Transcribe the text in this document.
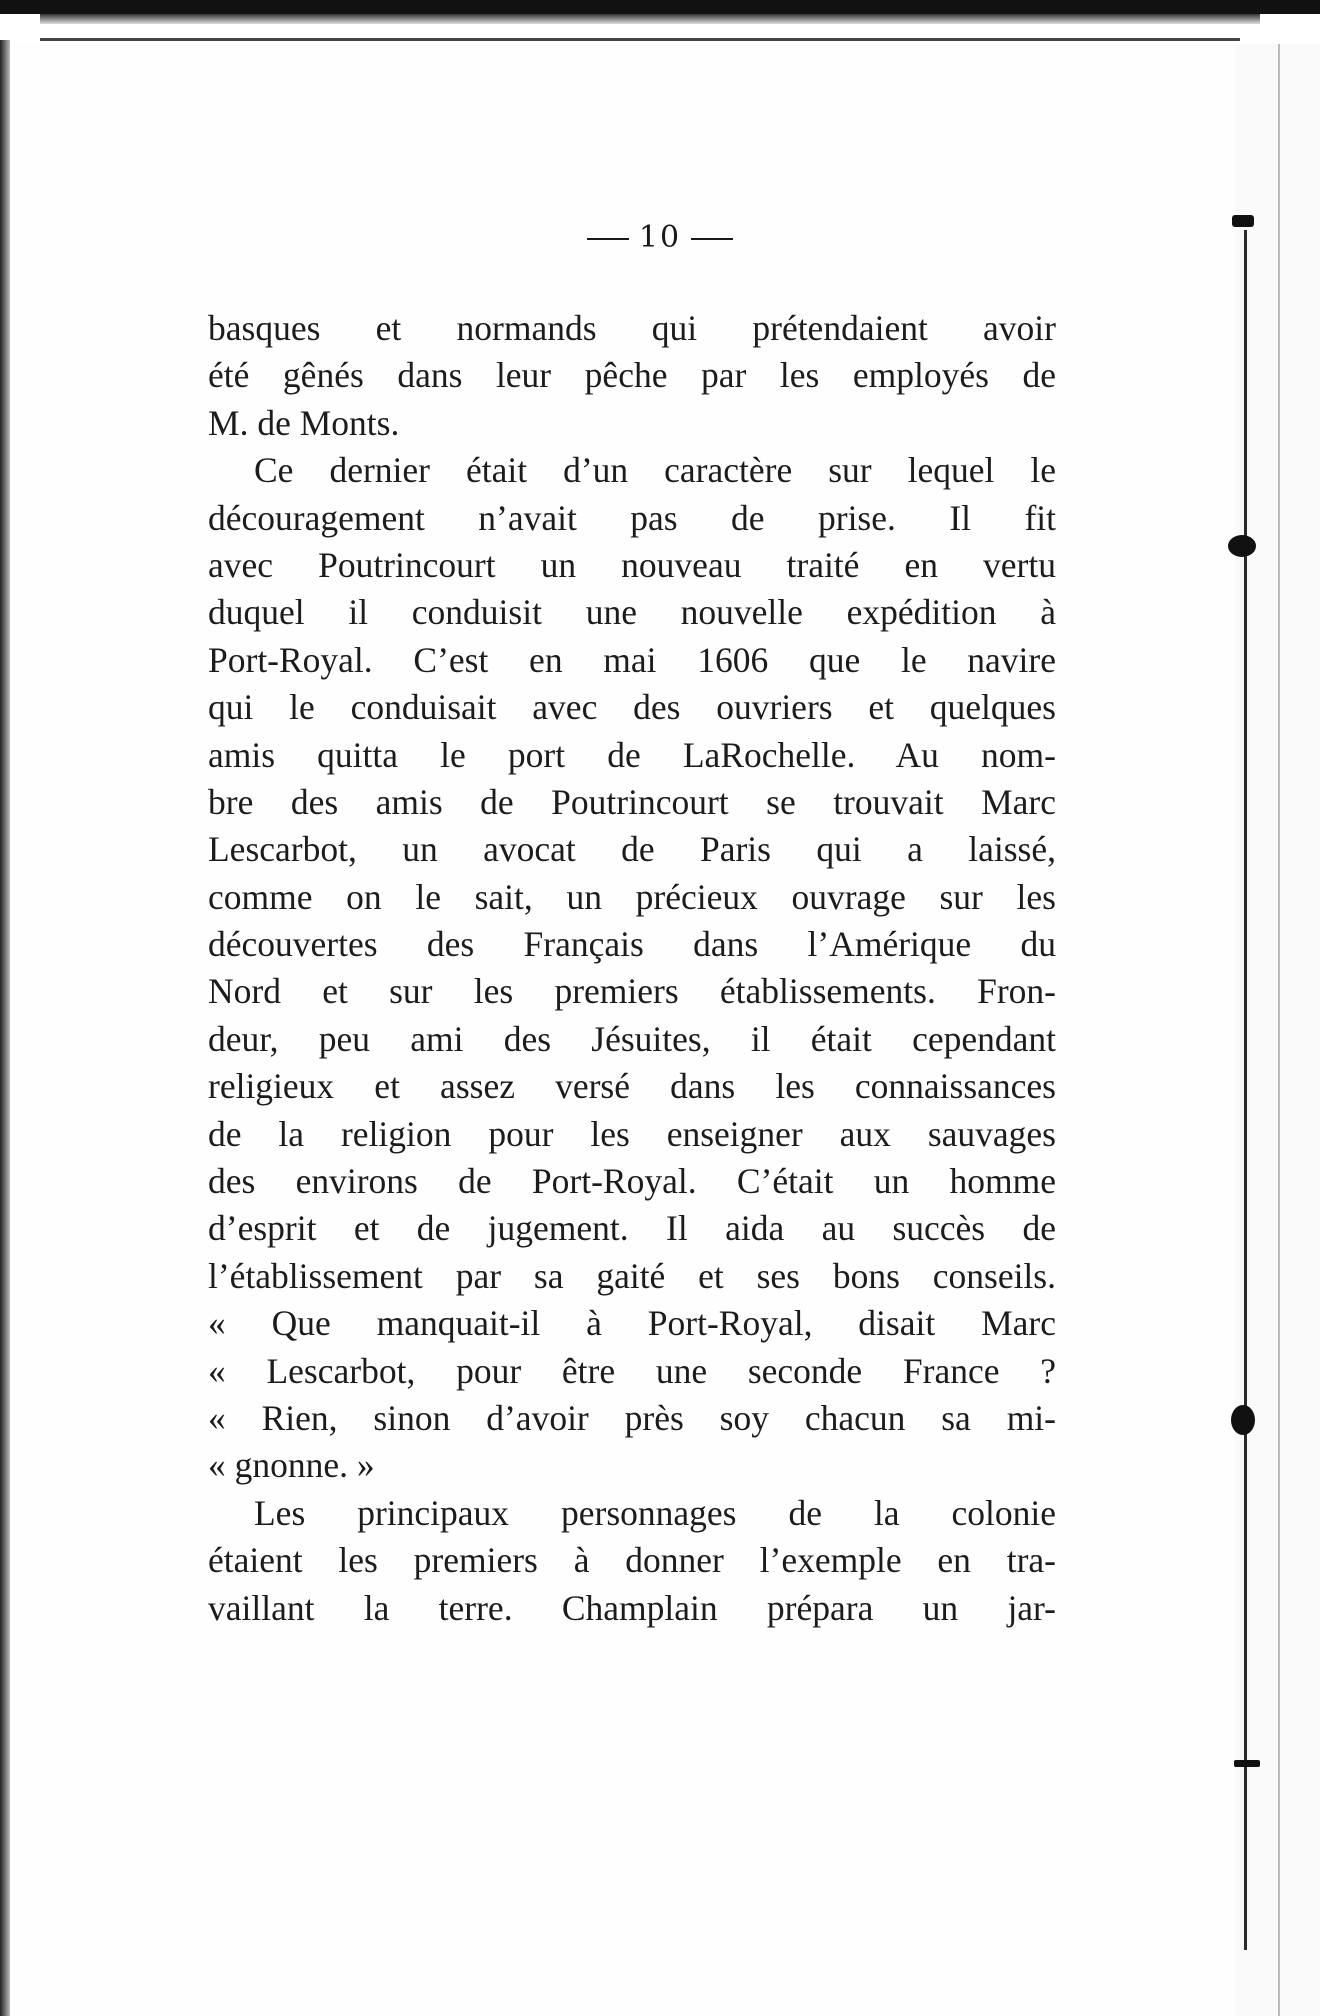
10
basques et normands qui prétendaient avoir
été gênés dans leur pêche par les employés de
M. de Monts.
Ce dernier était d’un caractère sur lequel le
découragement n’avait pas de prise. Il fit
avec Poutrincourt un nouveau traité en vertu
duquel il conduisit une nouvelle expédition à
Port-Royal. C’est en mai 1606 que le navire
qui le conduisait avec des ouvriers et quelques
amis quitta le port de LaRochelle. Au nom-
bre des amis de Poutrincourt se trouvait Marc
Lescarbot, un avocat de Paris qui a laissé,
comme on le sait, un précieux ouvrage sur les
découvertes des Français dans l’Amérique du
Nord et sur les premiers établissements. Fron-
deur, peu ami des Jésuites, il était cependant
religieux et assez versé dans les connaissances
de la religion pour les enseigner aux sauvages
des environs de Port-Royal. C’était un homme
d’esprit et de jugement. Il aida au succès de
l’établissement par sa gaité et ses bons conseils.
« Que manquait-il à Port-Royal, disait Marc
« Lescarbot, pour être une seconde France ?
« Rien, sinon d’avoir près soy chacun sa mi-
« gnonne. »
Les principaux personnages de la colonie
étaient les premiers à donner l’exemple en tra-
vaillant la terre. Champlain prépara un jar-
